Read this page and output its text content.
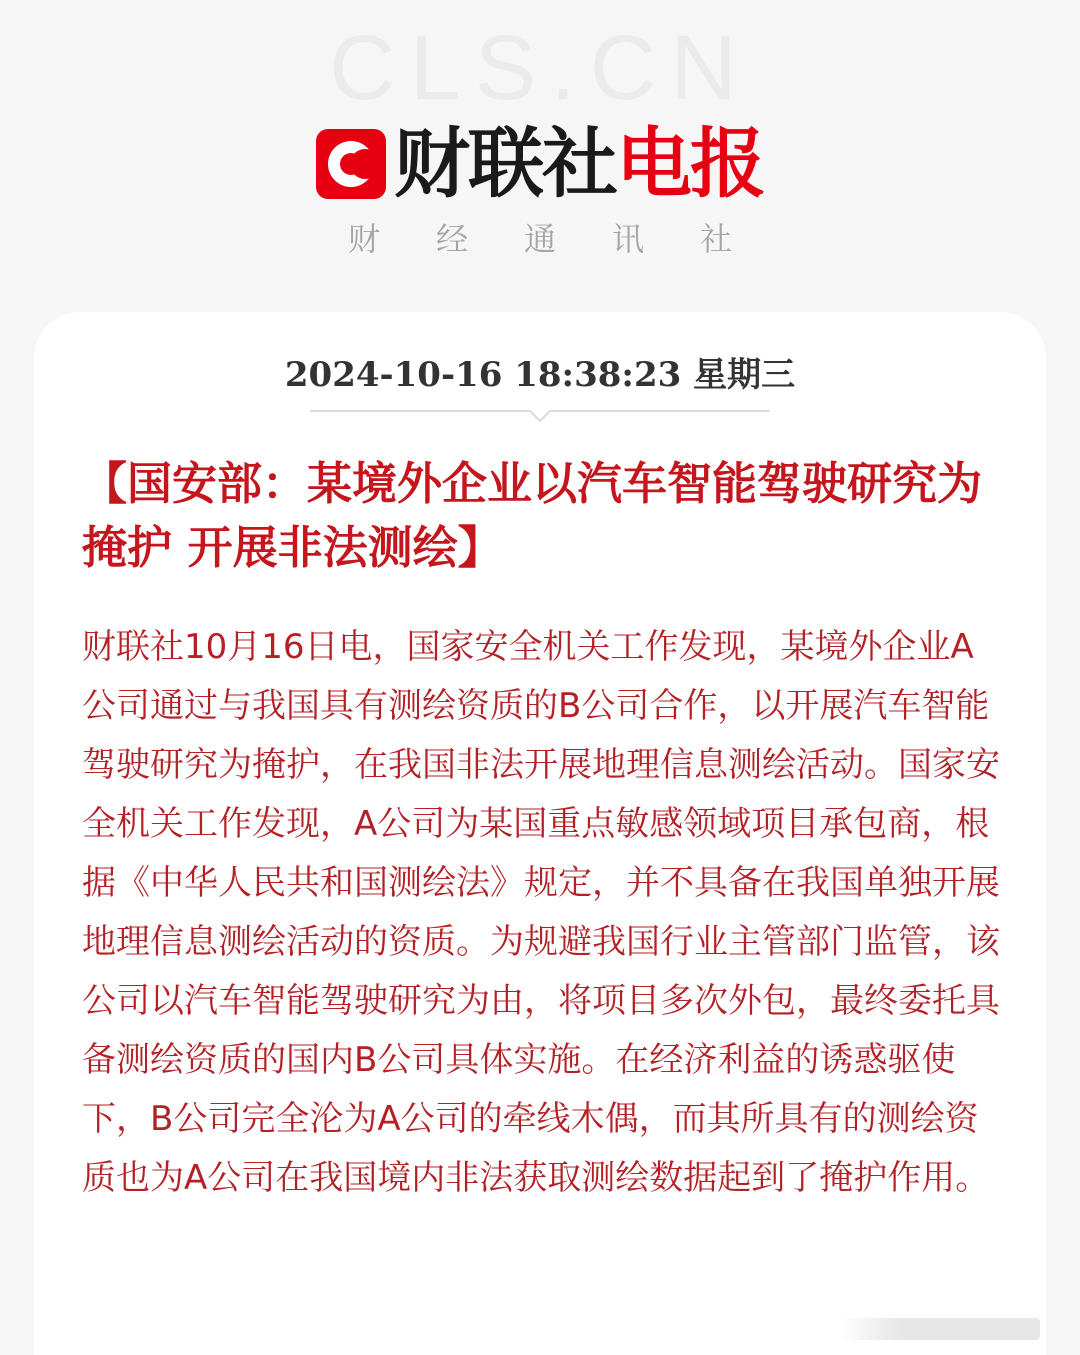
CLS.CN
财联社 电报
财经通讯社
2024-10-16 18:38:23 星期三
【国安部：某境外企业以汽车智能驾驶研究为掩护 开展非法测绘】

财联社10月16日电，国家安全机关工作发现，某境外企业A公司通过与我国具有测绘资质的B公司合作，以开展汽车智能驾驶研究为掩护，在我国非法开展地理信息测绘活动。国家安全机关工作发现，A公司为某国重点敏感领域项目承包商，根据《中华人民共和国测绘法》规定，并不具备在我国单独开展地理信息测绘活动的资质。为规避我国行业主管部门监管，该公司以汽车智能驾驶研究为由，将项目多次外包，最终委托具备测绘资质的国内B公司具体实施。在经济利益的诱惑驱使下，B公司完全沦为A公司的牵线木偶，而其所具有的测绘资质也为A公司在我国境内非法获取测绘数据起到了掩护作用。
